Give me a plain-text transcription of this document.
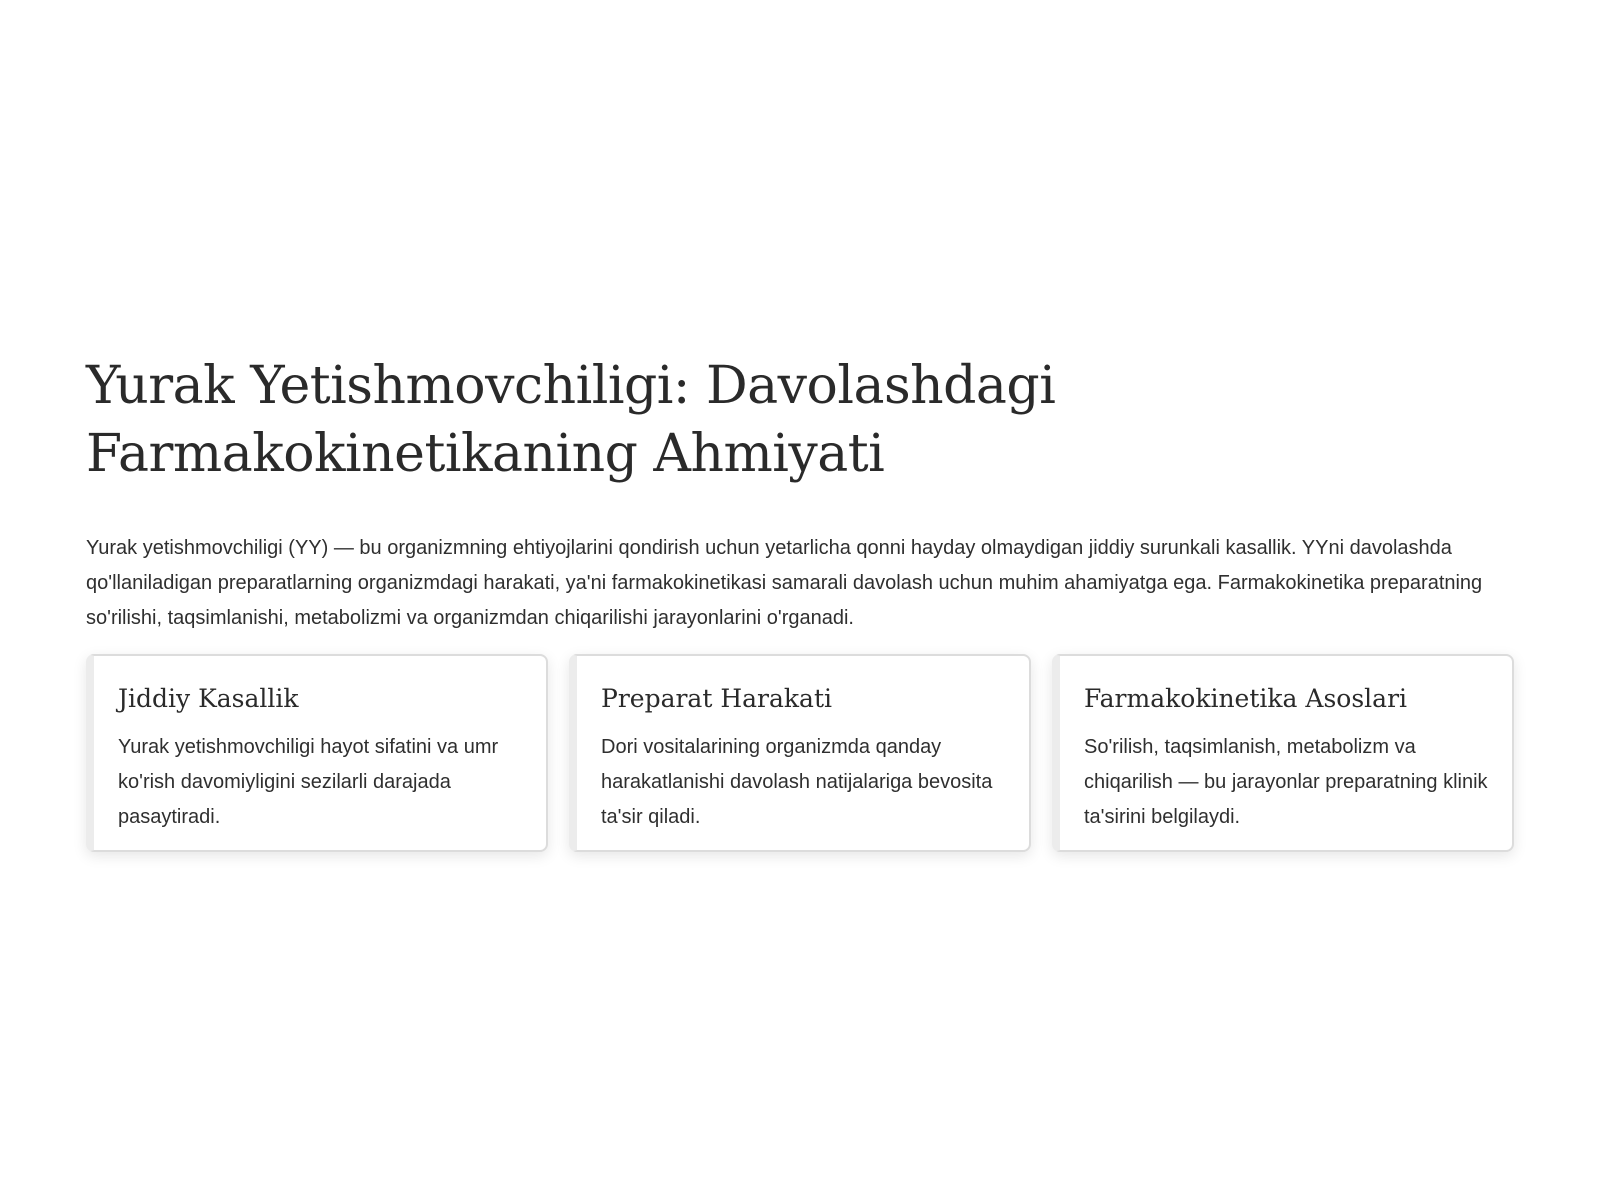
Yurak Yetishmovchiligi: Davolashdagi Farmakokinetikaning Ahmiyati

Yurak yetishmovchiligi (YY) — bu organizmning ehtiyojlarini qondirish uchun yetarlicha qonni hayday olmaydigan jiddiy surunkali kasallik. YYni davolashda qo'llaniladigan preparatlarning organizmdagi harakati, ya'ni farmakokinetikasi samarali davolash uchun muhim ahamiyatga ega. Farmakokinetika preparatning so'rilishi, taqsimlanishi, metabolizmi va organizmdan chiqarilishi jarayonlarini o'rganadi.

Jiddiy Kasallik

Yurak yetishmovchiligi hayot sifatini va umr ko'rish davomiyligini sezilarli darajada pasaytiradi.

Preparat Harakati

Dori vositalarining organizmda qanday harakatlanishi davolash natijalariga bevosita ta'sir qiladi.

Farmakokinetika Asoslari

So'rilish, taqsimlanish, metabolizm va chiqarilish — bu jarayonlar preparatning klinik ta'sirini belgilaydi.
